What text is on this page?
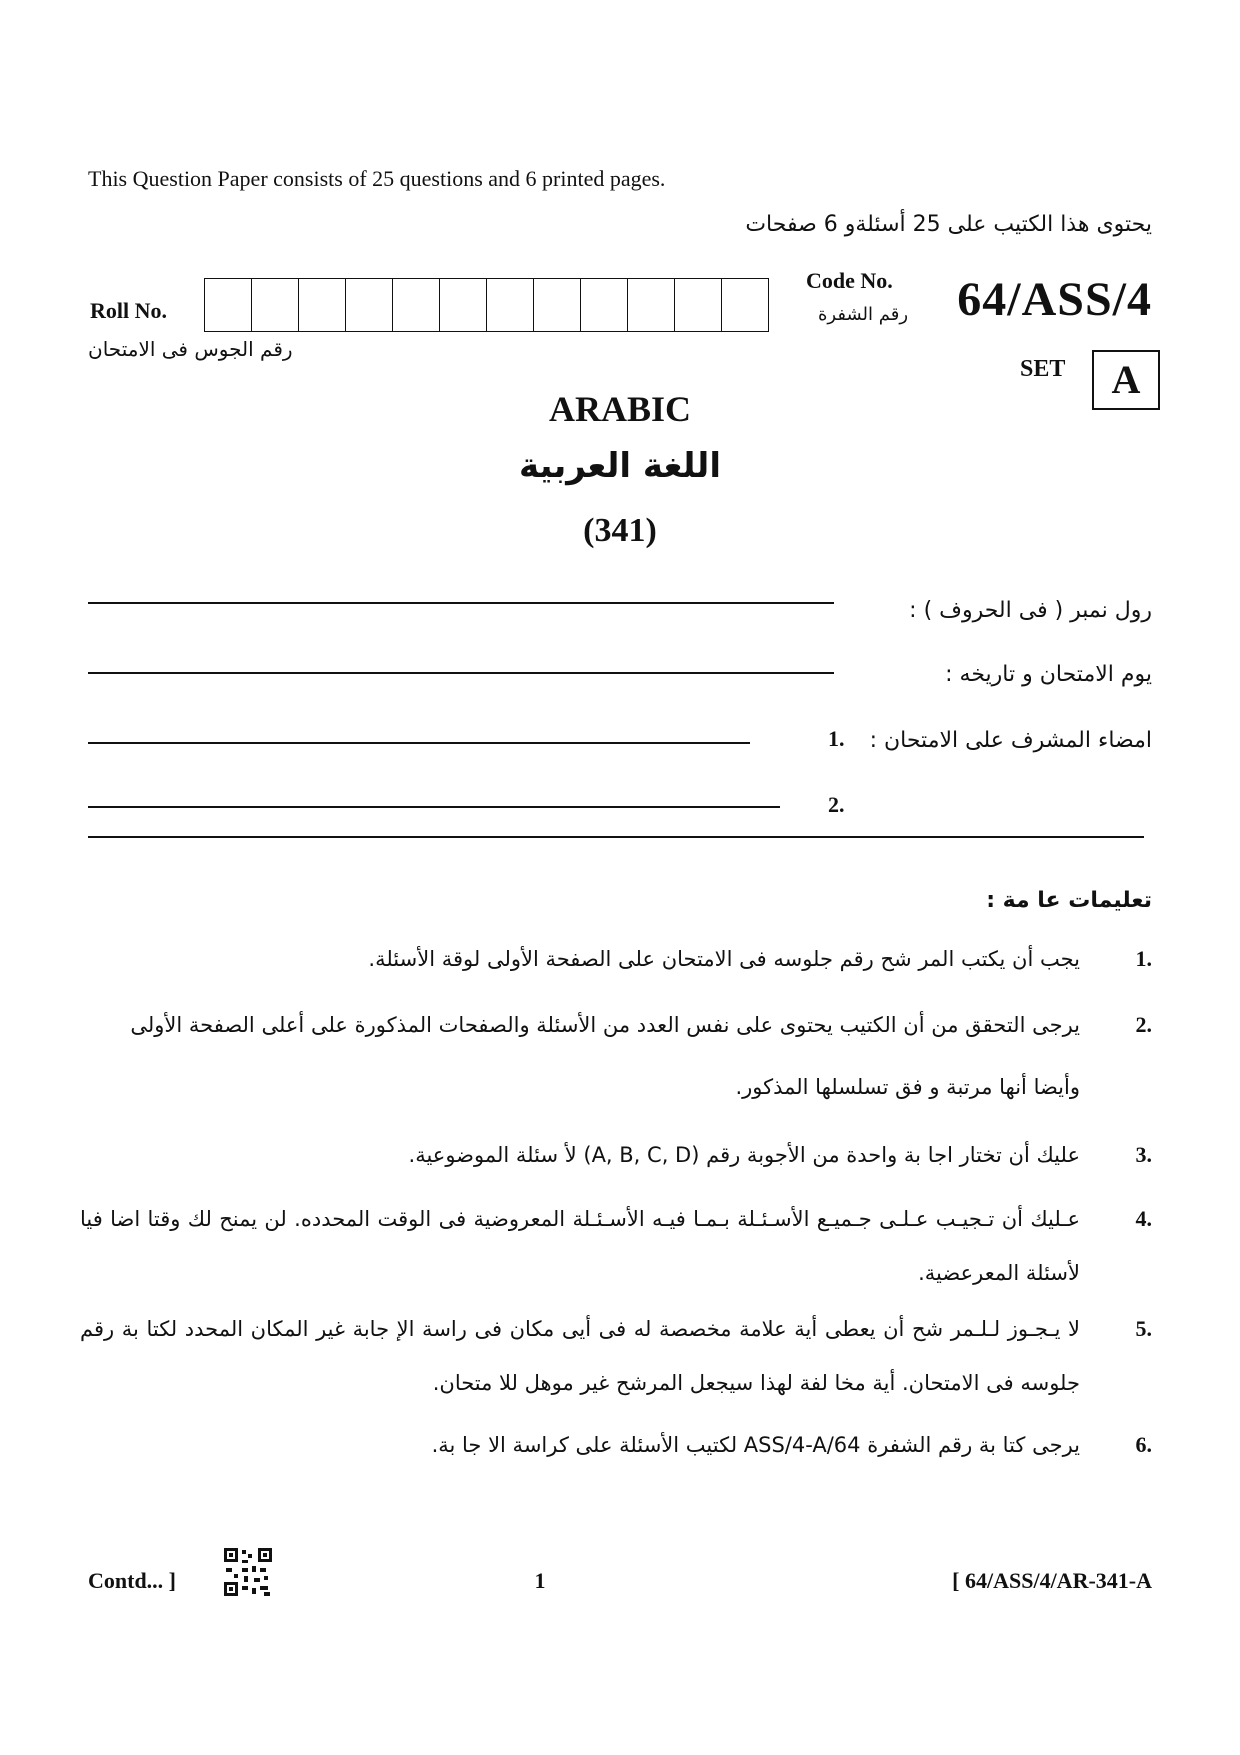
This Question Paper consists of 25 questions and 6 printed pages.
يحتوى هذا الكتيب على 25 أسئلةو 6 صفحات
Roll No.
رقم الجوس فى الامتحان
Code No.
رقم الشفرة 64/ASS/4
SET	A
ARABIC
اللغة العربية
(341)
رول نمبر ( فى الحروف ) :
يوم الامتحان و تاريخه :
امضاء المشرف على الامتحان :
1.
2.
تعليمات عا مة :
1.
يجب أن يكتب المر شح رقم جلوسه فى الامتحان على الصفحة الأولى لوقة الأسئلة.
2.
يرجى التحقق من أن الكتيب يحتوى على نفس العدد من الأسئلة والصفحات المذكورة على أعلى الصفحة الأولى
وأيضا أنها مرتبة و فق تسلسلها المذكور.
3.
عليك أن تختار اجا بة واحدة من الأجوبة رقم (A, B, C, D) لأ سئلة الموضوعية.
4.
عـليك أن تـجيـب عـلـى جـميـع الأسـئـلة بـمـا فيـه الأسـئـلة المعروضية فى الوقت المحدده. لن يمنح لك وقتا اضا فيا لأسئلة المعرعضية.
5.
لا يـجـوز لـلـمر شح أن يعطى أية علامة مخصصة له فى أيى مكان فى راسة الإ جابة غير المكان المحدد لكتا بة رقم جلوسه فى الامتحان. أية مخا لفة لهذا سيجعل المرشح غير موهل للا متحان.
6.
يرجى كتا بة رقم الشفرة 64/ASS/4-A لكتيب الأسئلة على كراسة الا جا بة.
Contd... ]	1	[ 64/ASS/4/AR-341-A
